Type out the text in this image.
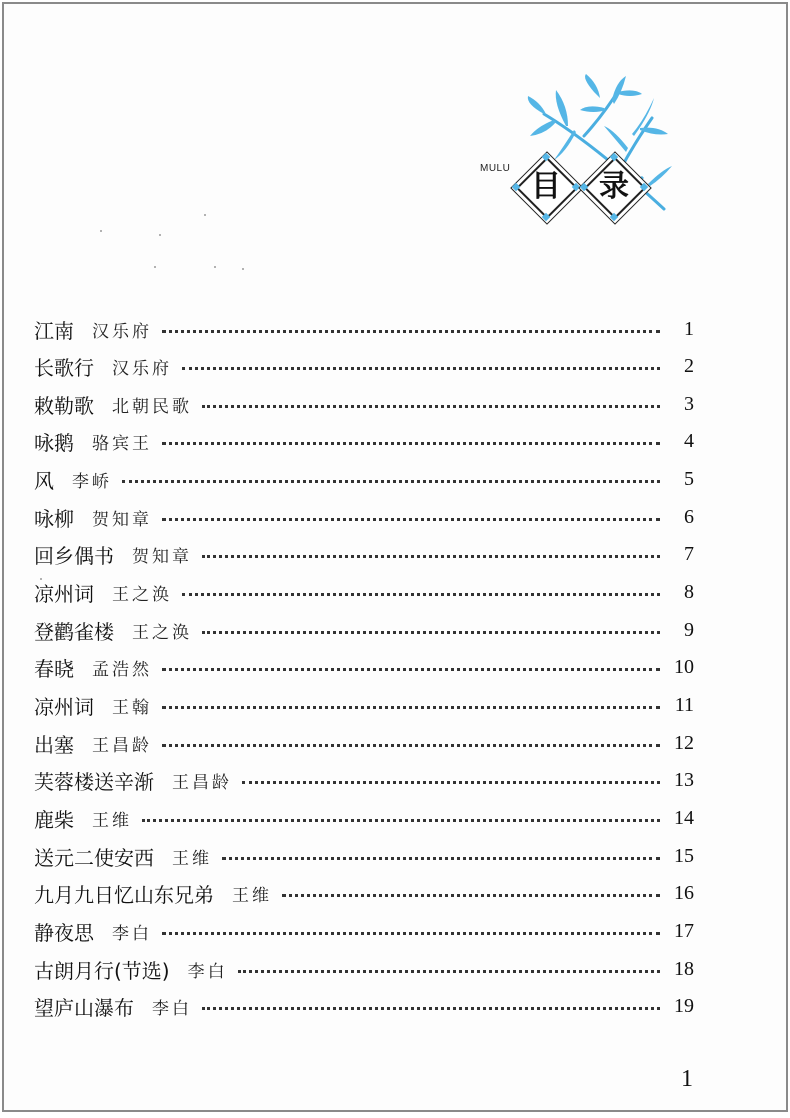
MULU
目	录
江南 汉乐府	1
长歌行 汉乐府	2
敕勒歌 北朝民歌	3
咏鹅 骆宾王	4
风 李峤	5
咏柳 贺知章	6
回乡偶书 贺知章	7
凉州词 王之涣	8
登鹳雀楼 王之涣	9
春晓 孟浩然	10
凉州词 王翰	11
出塞 王昌龄	12
芙蓉楼送辛渐 王昌龄	13
鹿柴 王维	14
送元二使安西 王维	15
九月九日忆山东兄弟 王维	16
静夜思 李白	17
古朗月行(节选) 李白	18
望庐山瀑布 李白	19
1
